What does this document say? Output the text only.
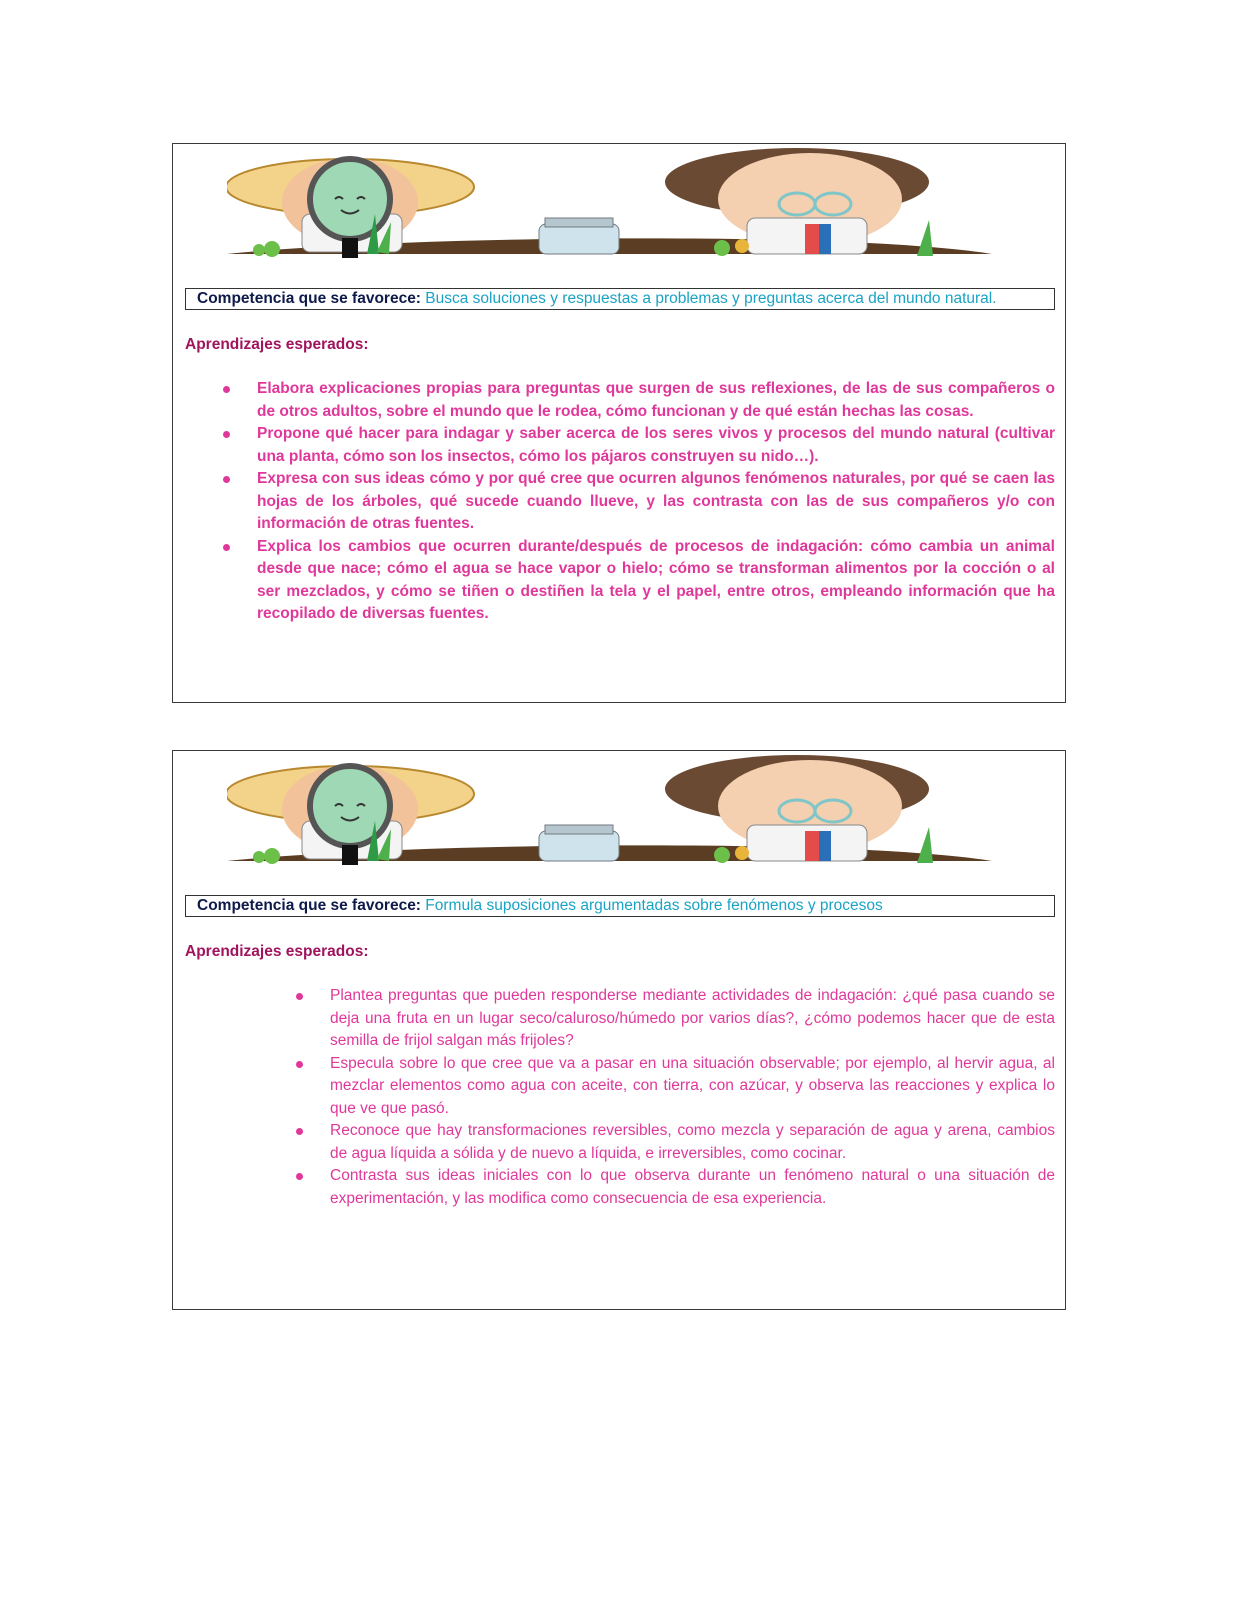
Competencia que se favorece: Busca soluciones y respuestas a problemas y preguntas acerca del mundo natural.
Aprendizajes esperados:
Elabora explicaciones propias para preguntas que surgen de sus reflexiones, de las de sus compañeros o de otros adultos, sobre el mundo que le rodea, cómo funcionan y de qué están hechas las cosas.
Propone qué hacer para indagar y saber acerca de los seres vivos y procesos del mundo natural (cultivar una planta, cómo son los insectos, cómo los pájaros construyen su nido…).
Expresa con sus ideas cómo y por qué cree que ocurren algunos fenómenos naturales, por qué se caen las hojas de los árboles, qué sucede cuando llueve, y las contrasta con las de sus compañeros y/o con información de otras fuentes.
Explica los cambios que ocurren durante/después de procesos de indagación: cómo cambia un animal desde que nace; cómo el agua se hace vapor o hielo; cómo se transforman alimentos por la cocción o al ser mezclados, y cómo se tiñen o destiñen la tela y el papel, entre otros, empleando información que ha recopilado de diversas fuentes.
Competencia que se favorece: Formula suposiciones argumentadas sobre fenómenos y procesos
Aprendizajes esperados:
Plantea preguntas que pueden responderse mediante actividades de indagación: ¿qué pasa cuando se deja una fruta en un lugar seco/caluroso/húmedo por varios días?, ¿cómo podemos hacer que de esta semilla de frijol salgan más frijoles?
Especula sobre lo que cree que va a pasar en una situación observable; por ejemplo, al hervir agua, al mezclar elementos como agua con aceite, con tierra, con azúcar, y observa las reacciones y explica lo que ve que pasó.
Reconoce que hay transformaciones reversibles, como mezcla y separación de agua y arena, cambios de agua líquida a sólida y de nuevo a líquida, e irreversibles, como cocinar.
Contrasta sus ideas iniciales con lo que observa durante un fenómeno natural o una situación de experimentación, y las modifica como consecuencia de esa experiencia.
